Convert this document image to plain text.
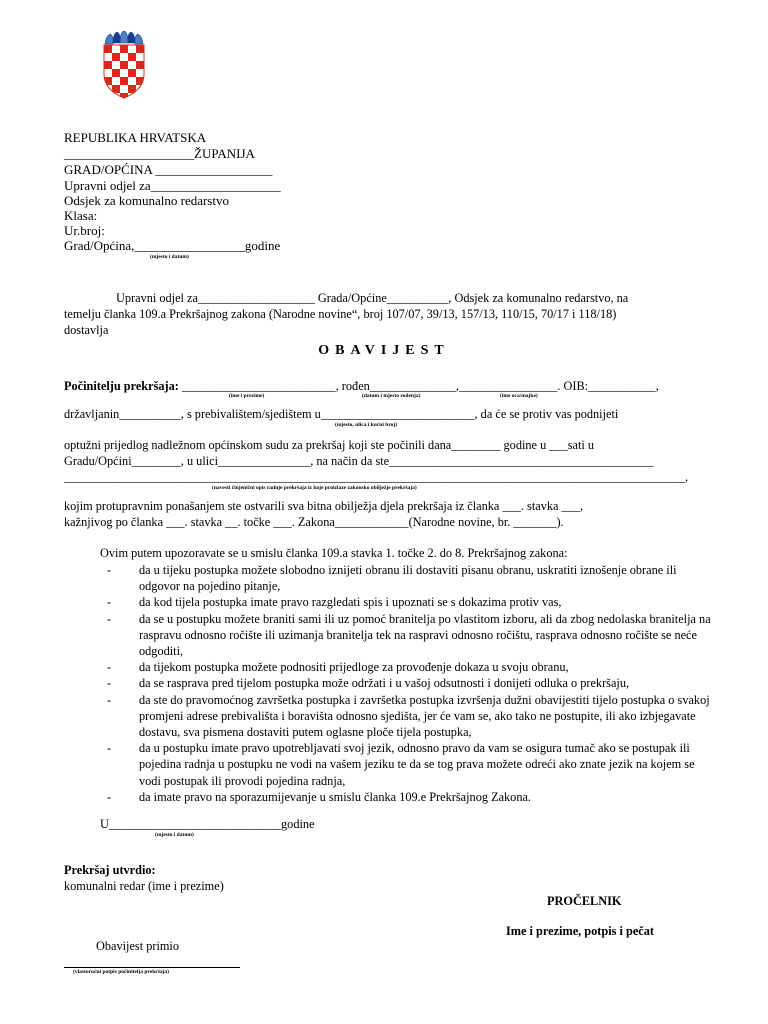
REPUBLIKA HRVATSKA
____________________ŽUPANIJA
GRAD/OPĆINA __________________
Upravni odjel za____________________
Odsjek za komunalno redarstvo
Klasa:
Ur.broj:
Grad/Općina,_________________godine
(mjesto i datum)
Upravni odjel za___________________ Grada/Općine__________, Odsjek za komunalno redarstvo, na
temelju članka 109.a Prekršajnog zakona (Narodne novine“, broj 107/07, 39/13, 157/13, 110/15, 70/17 i 118/18)
dostavlja
OBAVIJEST
Počinitelju prekršaja: _________________________, rođen______________,________________. OIB:___________,
(ime i prezime)	(datum i mjesto rođenja)	(ime oca/majke)
državljanin__________, s prebivalištem/sjedištem u_________________________, da će se protiv vas podnijeti
(mjesto, ulica i kućni broj)
optužni prijedlog nadležnom općinskom sudu za prekršaj koji ste počinili dana________ godine u ___sati u
Gradu/Općini________, u ulici_______________, na način da ste___________________________________________
_____________________________________________________________________________________________________,
(navesti činjenični opis radnje prekršaja iz koje proizlaze zakonsko obilježje prekršaja)
kojim protupravnim ponašanjem ste ostvarili sva bitna obilježja djela prekršaja iz članka ___. stavka ___,
kažnjivog po članka ___. stavka __. točke ___. Zakona____________(Narodne novine, br. _______).
Ovim putem upozoravate se u smislu članka 109.a stavka 1. točke 2. do 8. Prekršajnog zakona:
- da u tijeku postupka možete slobodno iznijeti obranu ili dostaviti pisanu obranu, uskratiti iznošenje obrane ili odgovor na pojedino pitanje,
- da kod tijela postupka imate pravo razgledati spis i upoznati se s dokazima protiv vas,
- da se u postupku možete braniti sami ili uz pomoć branitelja po vlastitom izboru, ali da zbog nedolaska branitelja na raspravu odnosno ročište ili uzimanja branitelja tek na raspravi odnosno ročištu, rasprava odnosno ročište se neće odgoditi,
- da tijekom postupka možete podnositi prijedloge za provođenje dokaza u svoju obranu,
- da se rasprava pred tijelom postupka može održati i u vašoj odsutnosti i donijeti odluka o prekršaju,
- da ste do pravomoćnog završetka postupka i završetka postupka izvršenja dužni obavijestiti tijelo postupka o svakoj promjeni adrese prebivališta i boravišta odnosno sjedišta, jer će vam se, ako tako ne postupite, ili ako izbjegavate dostavu, sva pismena dostaviti putem oglasne ploče tijela postupka,
- da u postupku imate pravo upotrebljavati svoj jezik, odnosno pravo da vam se osigura tumač ako se postupak ili pojedina radnja u postupku ne vodi na vašem jeziku te da se tog prava možete odreći ako znate jezik na kojem se vodi postupak ili provodi pojedina radnja,
- da imate pravo na sporazumijevanje u smislu članka 109.e Prekršajnog Zakona.
U____________________________godine
(mjesto i datum)
Prekršaj utvrdio:
komunalni redar (ime i prezime)
PROČELNIK
Ime i prezime, potpis i pečat
Obavijest primio
(vlastoručni potpis počinitelja prekršaja)
